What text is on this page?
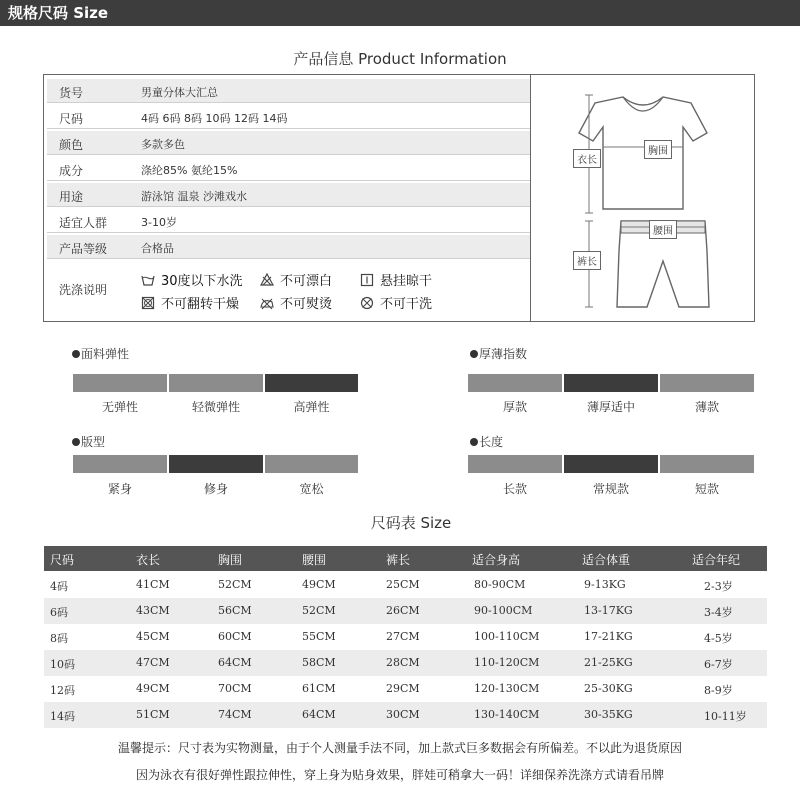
规格尺码 Size
产品信息 Product Information
货号	男童分体大汇总
尺码	4码 6码 8码 10码 12码 14码
颜色	多款多色
成分	涤纶85% 氨纶15%
用途	游泳馆 温泉 沙滩戏水
适宜人群	3-10岁
产品等级	合格品
洗涤说明
30度以下水洗	不可漂白	悬挂晾干
不可翻转干燥	不可熨烫	不可干洗
衣长
胸围
腰围
裤长
面料弹性
无弹性	轻微弹性	高弹性
厚薄指数
厚款	薄厚适中	薄款
版型
紧身	修身	宽松
长度
长款	常规款	短款
尺码表 Size
尺码	衣长	胸围	腰围	裤长	适合身高	适合体重	适合年纪
4码	41CM	52CM	49CM	25CM	80-90CM	9-13KG	2-3岁
6码	43CM	56CM	52CM	26CM	90-100CM	13-17KG	3-4岁
8码	45CM	60CM	55CM	27CM	100-110CM	17-21KG	4-5岁
10码	47CM	64CM	58CM	28CM	110-120CM	21-25KG	6-7岁
12码	49CM	70CM	61CM	29CM	120-130CM	25-30KG	8-9岁
14码	51CM	74CM	64CM	30CM	130-140CM	30-35KG	10-11岁
温馨提示：尺寸表为实物测量，由于个人测量手法不同，加上款式巨多数据会有所偏差。不以此为退货原因
因为泳衣有很好弹性跟拉伸性，穿上身为贴身效果，胖娃可稍拿大一码！详细保养洗涤方式请看吊牌
